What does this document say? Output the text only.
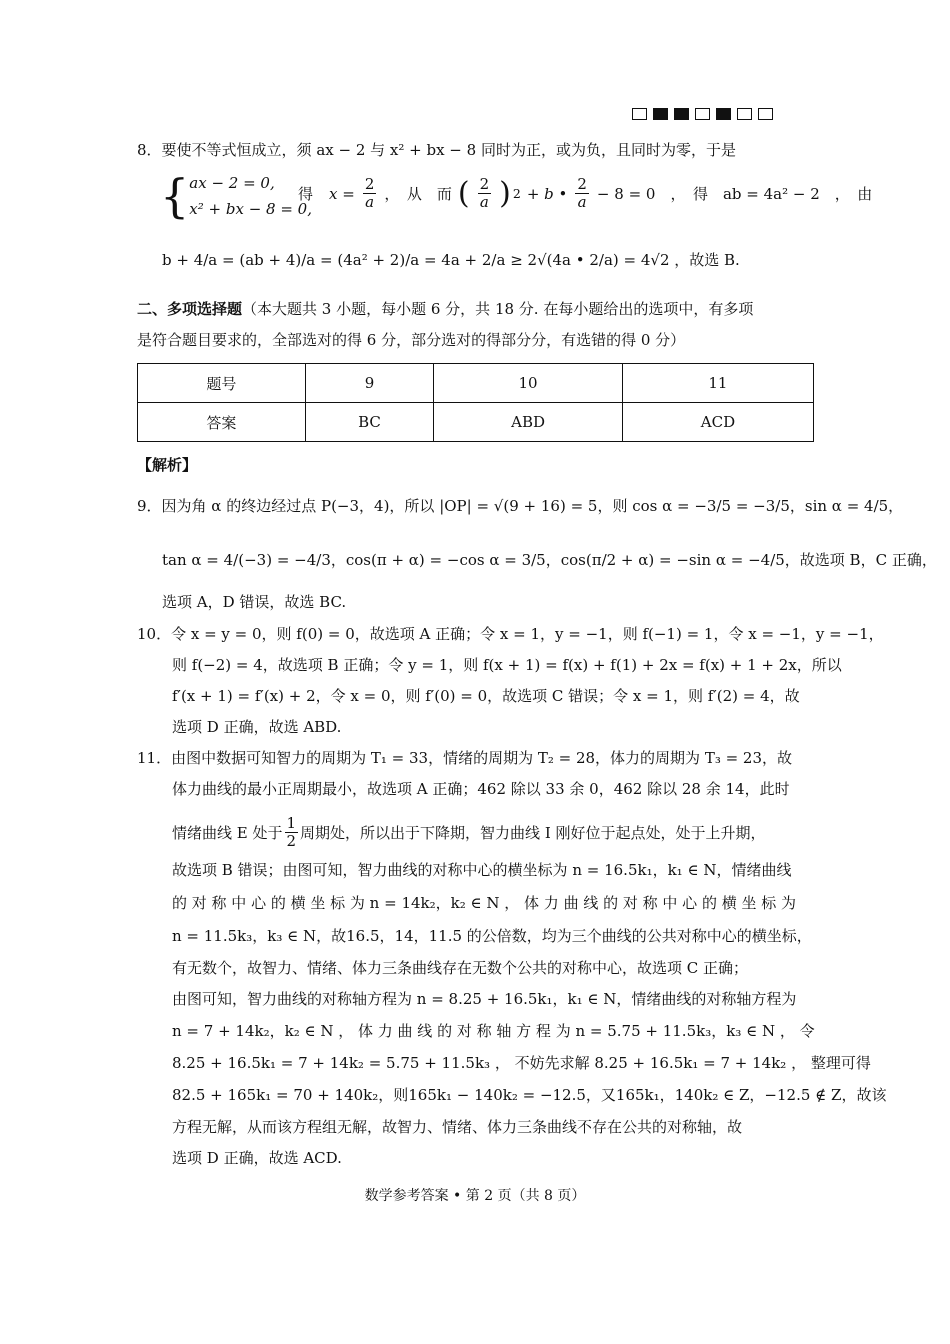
8．要使不等式恒成立，须 ax − 2 与 x² + bx − 8 同时为正，或为负，且同时为零，于是
{ ax − 2 = 0,
x² + bx − 8 = 0,
得 $x = \frac{2}{a}$ ，　从　而 ( $\frac{2}{a}$ ) 2 + b • $\frac{2}{a} - 8 = 0$　，　得　ab = 4a² − 2　，　由
b + 4/a = (ab + 4)/a = (4a² + 2)/a = 4a + 2/a ≥ 2√(4a • 2/a) = 4√2 ，故选 B.
二、多项选择题（本大题共 3 小题，每小题 6 分，共 18 分. 在每小题给出的选项中，有多项
是符合题目要求的，全部选对的得 6 分，部分选对的得部分分，有选错的得 0 分）
题号	9	10	11
答案	BC	ABD	ACD
【解析】
9．因为角 α 的终边经过点 P(−3，4)，所以 |OP| = √(9 + 16) = 5，则 cos α = −3/5 = −3/5，sin α = 4/5，
tan α = 4/(−3) = −4/3，cos(π + α) = −cos α = 3/5，cos(π/2 + α) = −sin α = −4/5，故选项 B，C 正确，
选项 A，D 错误，故选 BC.
10．令 x = y = 0，则 f(0) = 0，故选项 A 正确；令 x = 1，y = −1，则 f(−1) = 1，令 x = −1，y = −1，
则 f(−2) = 4，故选项 B 正确；令 y = 1，则 f(x + 1) = f(x) + f(1) + 2x = f(x) + 1 + 2x，所以
f′(x + 1) = f′(x) + 2，令 x = 0，则 f′(0) = 0，故选项 C 错误；令 x = 1，则 f′(2) = 4，故
选项 D 正确，故选 ABD.
11．由图中数据可知智力的周期为 T₁ = 33，情绪的周期为 T₂ = 28，体力的周期为 T₃ = 23，故
体力曲线的最小正周期最小，故选项 A 正确；462 除以 33 余 0，462 除以 28 余 14，此时
情绪曲线 E 处于 $\frac{1}{2}$ 周期处，所以出于下降期，智力曲线 I 刚好位于起点处，处于上升期，
故选项 B 错误；由图可知，智力曲线的对称中心的横坐标为 n = 16.5k₁，k₁ ∈ N，情绪曲线
的 对 称 中 心 的 横 坐 标 为 n = 14k₂，k₂ ∈ N ， 体 力 曲 线 的 对 称 中 心 的 横 坐 标 为
n = 11.5k₃，k₃ ∈ N，故16.5，14，11.5 的公倍数，均为三个曲线的公共对称中心的横坐标，
有无数个，故智力、情绪、体力三条曲线存在无数个公共的对称中心，故选项 C 正确；
由图可知，智力曲线的对称轴方程为 n = 8.25 + 16.5k₁，k₁ ∈ N，情绪曲线的对称轴方程为
n = 7 + 14k₂，k₂ ∈ N ， 体 力 曲 线 的 对 称 轴 方 程 为 n = 5.75 + 11.5k₃，k₃ ∈ N ， 令
8.25 + 16.5k₁ = 7 + 14k₂ = 5.75 + 11.5k₃ ， 不妨先求解 8.25 + 16.5k₁ = 7 + 14k₂ ， 整理可得
82.5 + 165k₁ = 70 + 140k₂，则165k₁ − 140k₂ = −12.5，又165k₁，140k₂ ∈ Z，−12.5 ∉ Z，故该
方程无解，从而该方程组无解，故智力、情绪、体力三条曲线不存在公共的对称轴，故
选项 D 正确，故选 ACD.
数学参考答案 • 第 2 页（共 8 页）
